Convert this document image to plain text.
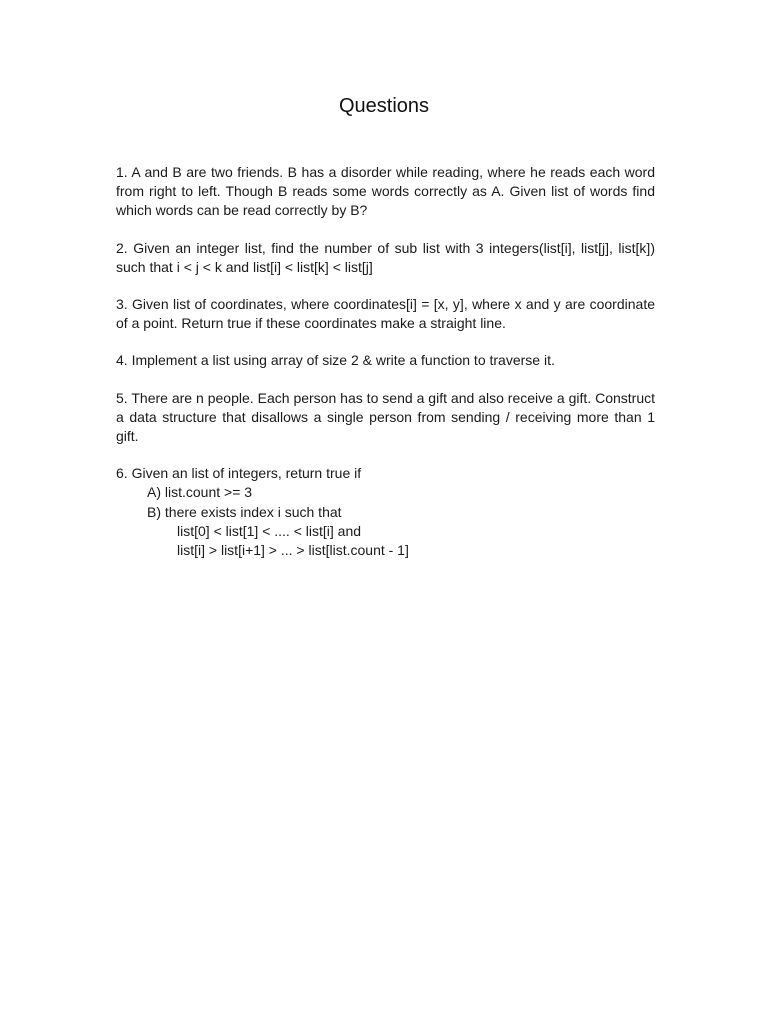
Questions

1. A and B are two friends. B has a disorder while reading, where he reads each word from right to left. Though B reads some words correctly as A. Given list of words find which words can be read correctly by B?

2. Given an integer list, find the number of sub list with 3 integers(list[i], list[j], list[k]) such that i < j < k and list[i] < list[k] < list[j]

3. Given list of coordinates, where coordinates[i] = [x, y], where x and y are coordinate of a point. Return true if these coordinates make a straight line.

4. Implement a list using array of size 2 & write a function to traverse it.

5. There are n people. Each person has to send a gift and also receive a gift. Construct a data structure that disallows a single person from sending / receiving more than 1 gift.

6. Given an list of integers, return true if
A) list.count >= 3
B) there exists index i such that
list[0] < list[1] < .... < list[i] and
list[i] > list[i+1] > ... > list[list.count - 1]
